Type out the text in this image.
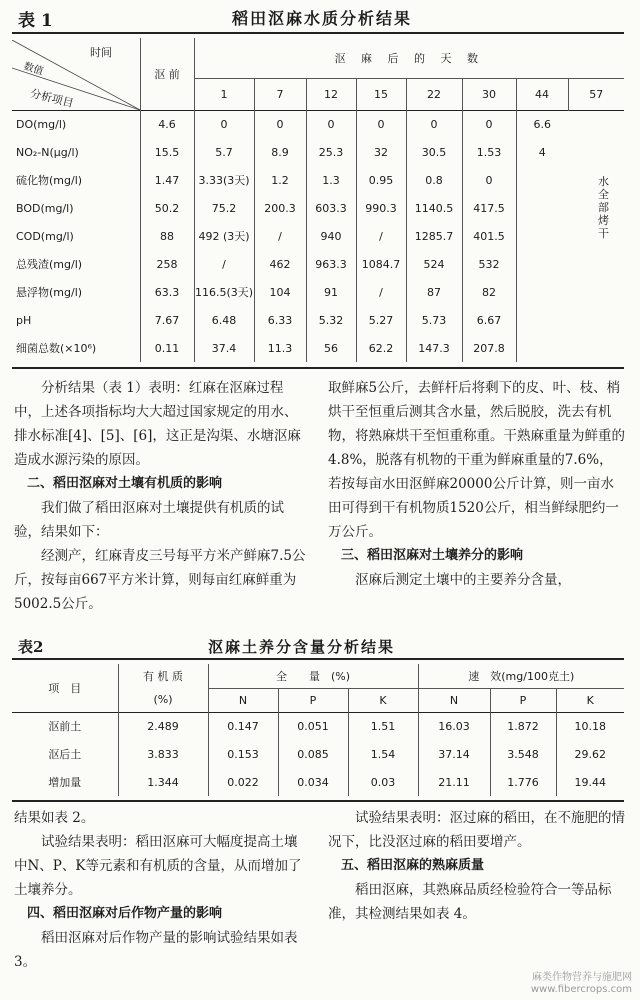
表 1	稻田沤麻水质分析结果
时间
数值
分析项目
	沤 前	沤 麻 后 的 天 数							
		1	7	12	15	22	30	44	57
DO(mg/l)	4.6	0	0	0	0	0	0	6.6	
NO₂-N(μg/l)	15.5	5.7	8.9	25.3	32	30.5	1.53	4	
硫化物(mg/l)	1.47	3.33(3天)	1.2	1.3	0.95	0.8	0	
BOD(mg/l)	50.2	75.2	200.3	603.3	990.3	1140.5	417.5	
COD(mg/l)	88	492 (3天)	/	940	/	1285.7	401.5	
总残渣(mg/l)	258	/	462	963.3	1084.7	524	532	
悬浮物(mg/l)	63.3	116.5(3天)	104	91	/	87	82	
pH	7.67	6.48	6.33	5.32	5.27	5.73	6.67	
细菌总数(×10⁶)	0.11	37.4	11.3	56	62.2	147.3	207.8	
水全部烤干

　　分析结果（表 1）表明：红麻在沤麻过程中，上述各项指标均大大超过国家规定的用水、排水标准[4]、[5]、[6]，这正是沟渠、水塘沤麻造成水源污染的原因。

　二、稻田沤麻对土壤有机质的影响

　　我们做了稻田沤麻对土壤提供有机质的试验，结果如下：

　　经测产，红麻青皮三号每平方米产鲜麻7.5公斤，按每亩667平方米计算，则每亩红麻鲜重为5002.5公斤。

取鲜麻5公斤，去鲜杆后将剩下的皮、叶、枝、梢烘干至恒重后测其含水量，然后脱胶，洗去有机物，将熟麻烘干至恒重称重。干熟麻重量为鲜重的4.8%，脱落有机物的干重为鲜麻重量的7.6%，若按每亩水田沤鲜麻20000公斤计算，则一亩水田可得到干有机物质1520公斤，相当鲜绿肥约一万公斤。

　三、稻田沤麻对土壤养分的影响

　　沤麻后测定土壤中的主要养分含量，

表2	沤麻土养分含量分析结果
项　目	有 机 质	全　　量　(%)			速　效(mg/100克土)		
	(%)	N	P	K	N	P	K
沤前土	2.489	0.147	0.051	1.51	16.03	1.872	10.18
沤后土	3.833	0.153	0.085	1.54	37.14	3.548	29.62
增加量	1.344	0.022	0.034	0.03	21.11	1.776	19.44

结果如表 2。

　　试验结果表明：稻田沤麻可大幅度提高土壤中N、P、K等元素和有机质的含量，从而增加了土壤养分。

　四、稻田沤麻对后作物产量的影响

　　稻田沤麻对后作物产量的影响试验结果如表3。

　　试验结果表明：沤过麻的稻田，在不施肥的情况下，比没沤过麻的稻田要增产。

　五、稻田沤麻的熟麻质量

　　稻田沤麻，其熟麻品质经检验符合一等品标准，其检测结果如表 4。

麻类作物营养与施肥网
www.fibercrops.com
